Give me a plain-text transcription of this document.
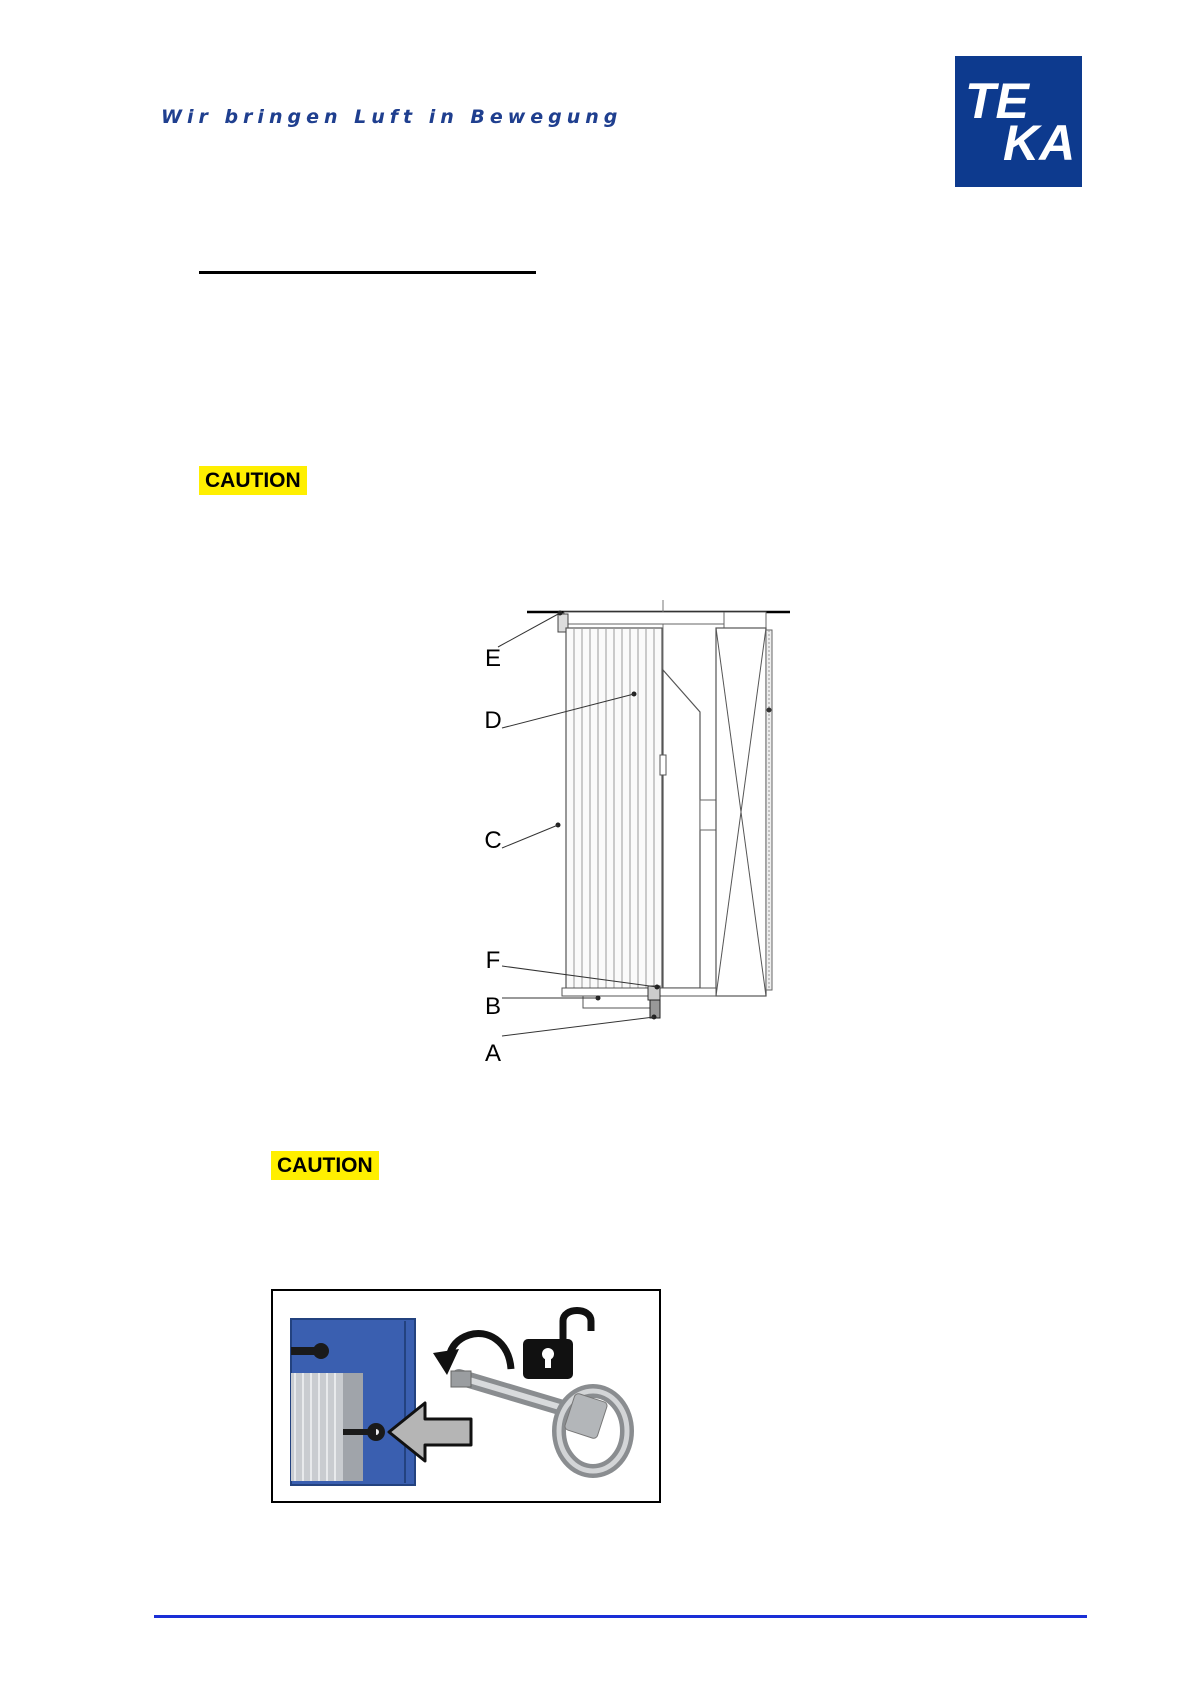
Wir bringen Luft in Bewegung	TE
KA
CAUTION
E
D
C
F
B
A
CAUTION
